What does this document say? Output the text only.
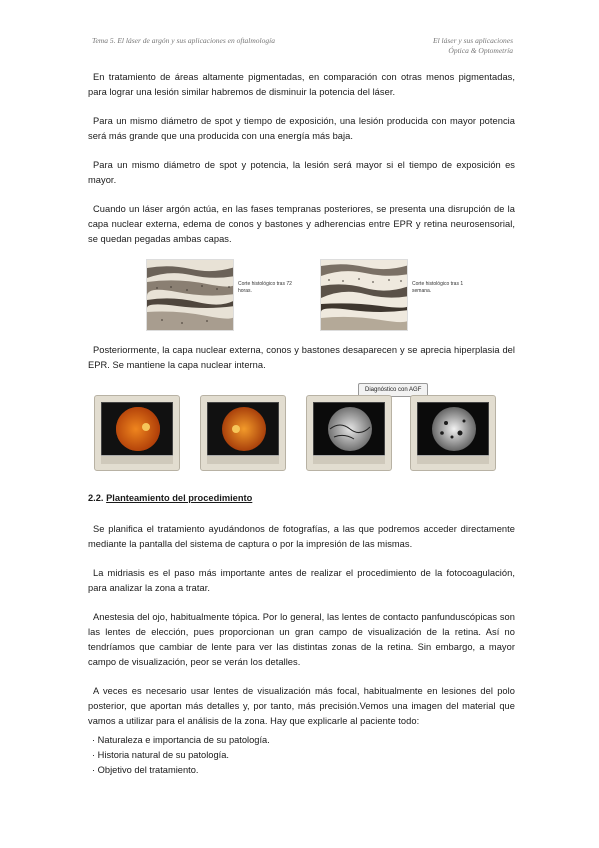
Tema 5. El láser de argón y sus aplicaciones en oftalmología	El láser y sus aplicaciones
Óptica & Optometría

En tratamiento de áreas altamente pigmentadas, en comparación con otras menos pigmentadas, para lograr una lesión similar habremos de disminuir la potencia del láser.

Para un mismo diámetro de spot y tiempo de exposición, una lesión producida con mayor potencia será más grande que una producida con una energía más baja.

Para un mismo diámetro de spot y potencia, la lesión será mayor si el tiempo de exposición es mayor.

Cuando un láser argón actúa, en las fases tempranas posteriores, se presenta una disrupción de la capa nuclear externa, edema de conos y bastones y adherencias entre EPR y retina neurosensorial, se quedan pegadas ambas capas.

Corte histológico tras 72 horas.
Corte histológico tras 1 semana.

Posteriormente, la capa nuclear externa, conos y bastones desaparecen y se aprecia hiperplasia del EPR. Se mantiene la capa nuclear interna.

Diagnóstico con AGF
2.2. Planteamiento del procedimiento

Se planifica el tratamiento ayudándonos de fotografías, a las que podremos acceder directamente mediante la pantalla del sistema de captura o por la impresión de las mismas.

La midriasis es el paso más importante antes de realizar el procedimiento de la fotocoagulación, para analizar la zona a tratar.

Anestesia del ojo, habitualmente tópica. Por lo general, las lentes de contacto panfunduscópicas son las lentes de elección, pues proporcionan un gran campo de visualización de la retina. Así no tendríamos que cambiar de lente para ver las distintas zonas de la retina. Sin embargo, a mayor campo de visualización, peor se verán los detalles.

A veces es necesario usar lentes de visualización más focal, habitualmente en lesiones del polo posterior, que aportan más detalles y, por tanto, más precisión.Vemos una imagen del material que vamos a utilizar para el análisis de la zona. Hay que explicarle al paciente todo:

· Naturaleza e importancia de su patología.
· Historia natural de su patología.
· Objetivo del tratamiento.
